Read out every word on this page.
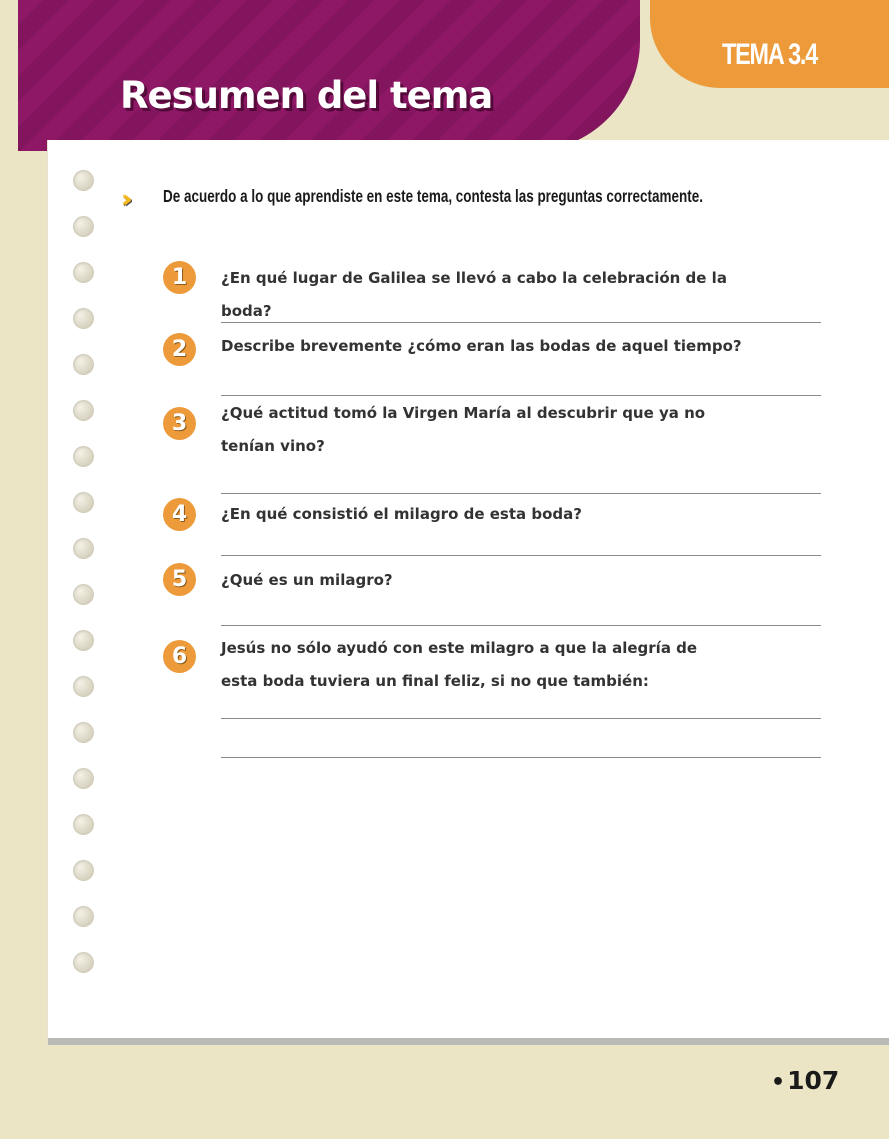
TEMA 3.4
Resumen del tema
›› De acuerdo a lo que aprendiste en este tema, contesta las preguntas correctamente.
1	¿En qué lugar de Galilea se llevó a cabo la celebración de la boda?
2	Describe brevemente ¿cómo eran las bodas de aquel tiempo?
3	¿Qué actitud tomó la Virgen María al descubrir que ya no tenían vino?
4	¿En qué consistió el milagro de esta boda?
5	¿Qué es un milagro?
6	Jesús no sólo ayudó con este milagro a que la alegría de esta boda tuviera un final feliz, si no que también:
•107
